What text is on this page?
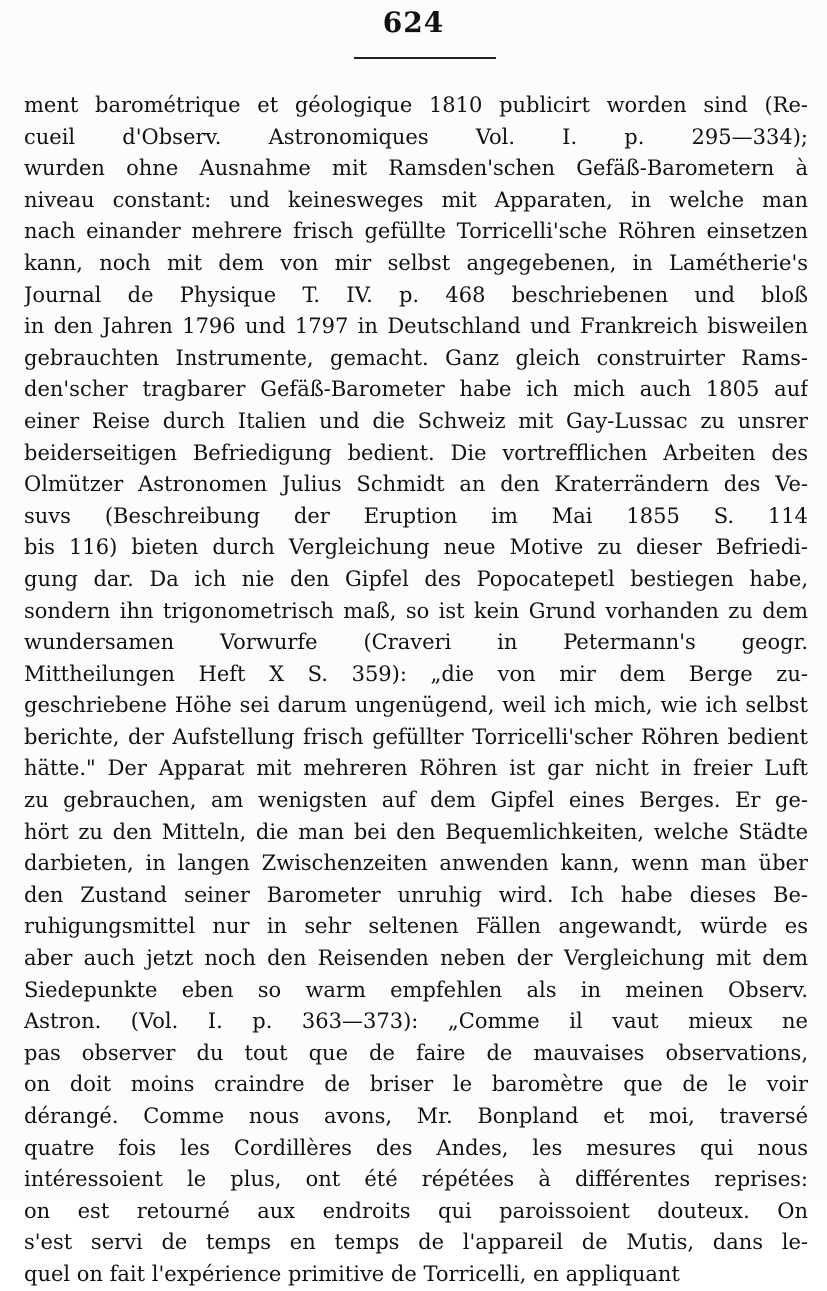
624
ment barométrique et géologique 1810 publicirt worden sind (Re-
cueil d'Observ. Astronomiques Vol. I. p. 295—334);
wurden ohne Ausnahme mit Ramsden'schen Gefäß-Barometern à
niveau constant: und keinesweges mit Apparaten, in welche man
nach einander mehrere frisch gefüllte Torricelli'sche Röhren einsetzen
kann, noch mit dem von mir selbst angegebenen, in Lamétherie's
Journal de Physique T. IV. p. 468 beschriebenen und bloß
in den Jahren 1796 und 1797 in Deutschland und Frankreich bisweilen
gebrauchten Instrumente, gemacht. Ganz gleich construirter Rams-
den'scher tragbarer Gefäß-Barometer habe ich mich auch 1805 auf
einer Reise durch Italien und die Schweiz mit Gay-Lussac zu unsrer
beiderseitigen Befriedigung bedient. Die vortrefflichen Arbeiten des
Olmützer Astronomen Julius Schmidt an den Kraterrändern des Ve-
suvs (Beschreibung der Eruption im Mai 1855 S. 114
bis 116) bieten durch Vergleichung neue Motive zu dieser Befriedi-
gung dar. Da ich nie den Gipfel des Popocatepetl bestiegen habe,
sondern ihn trigonometrisch maß, so ist kein Grund vorhanden zu dem
wundersamen Vorwurfe (Craveri in Petermann's geogr.
Mittheilungen Heft X S. 359): „die von mir dem Berge zu-
geschriebene Höhe sei darum ungenügend, weil ich mich, wie ich selbst
berichte, der Aufstellung frisch gefüllter Torricelli'scher Röhren bedient
hätte." Der Apparat mit mehreren Röhren ist gar nicht in freier Luft
zu gebrauchen, am wenigsten auf dem Gipfel eines Berges. Er ge-
hört zu den Mitteln, die man bei den Bequemlichkeiten, welche Städte
darbieten, in langen Zwischenzeiten anwenden kann, wenn man über
den Zustand seiner Barometer unruhig wird. Ich habe dieses Be-
ruhigungsmittel nur in sehr seltenen Fällen angewandt, würde es
aber auch jetzt noch den Reisenden neben der Vergleichung mit dem
Siedepunkte eben so warm empfehlen als in meinen Observ.
Astron. (Vol. I. p. 363—373): „Comme il vaut mieux ne
pas observer du tout que de faire de mauvaises observations,
on doit moins craindre de briser le baromètre que de le voir
dérangé. Comme nous avons, Mr. Bonpland et moi, traversé
quatre fois les Cordillères des Andes, les mesures qui nous
intéressoient le plus, ont été répétées à différentes reprises:
on est retourné aux endroits qui paroissoient douteux. On
s'est servi de temps en temps de l'appareil de Mutis, dans le-
quel on fait l'expérience primitive de Torricelli, en appliquant
